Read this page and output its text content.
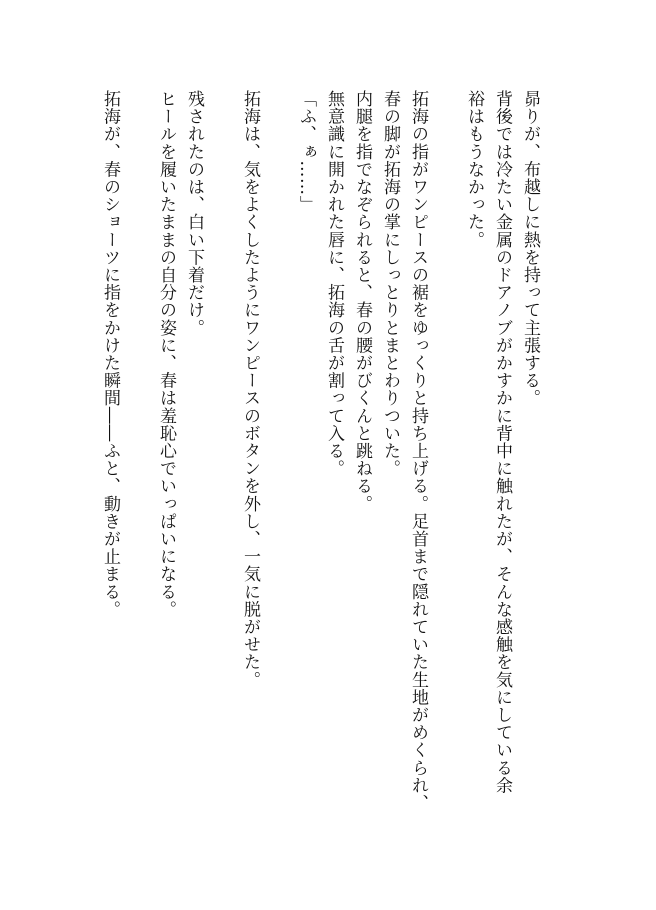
昴りが、布越しに熱を持って主張する。
背後では冷たい金属のドアノブがかすかに背中に触れたが、そんな感触を気にしている余
裕はもうなかった。
拓海の指がワンピースの裾をゆっくりと持ち上げる。足首まで隠れていた生地がめくられ、
春の脚が拓海の掌にしっとりとまとわりついた。
内腿を指でなぞられると、春の腰がびくんと跳ねる。
無意識に開かれた唇に、拓海の舌が割って入る。
「ふ、ぁ……」
拓海は、気をよくしたようにワンピースのボタンを外し、一気に脱がせた。
残されたのは、白い下着だけ。
ヒールを履いたままの自分の姿に、春は羞恥心でいっぱいになる。
拓海が、春のショーツに指をかけた瞬間――ふと、動きが止まる。
